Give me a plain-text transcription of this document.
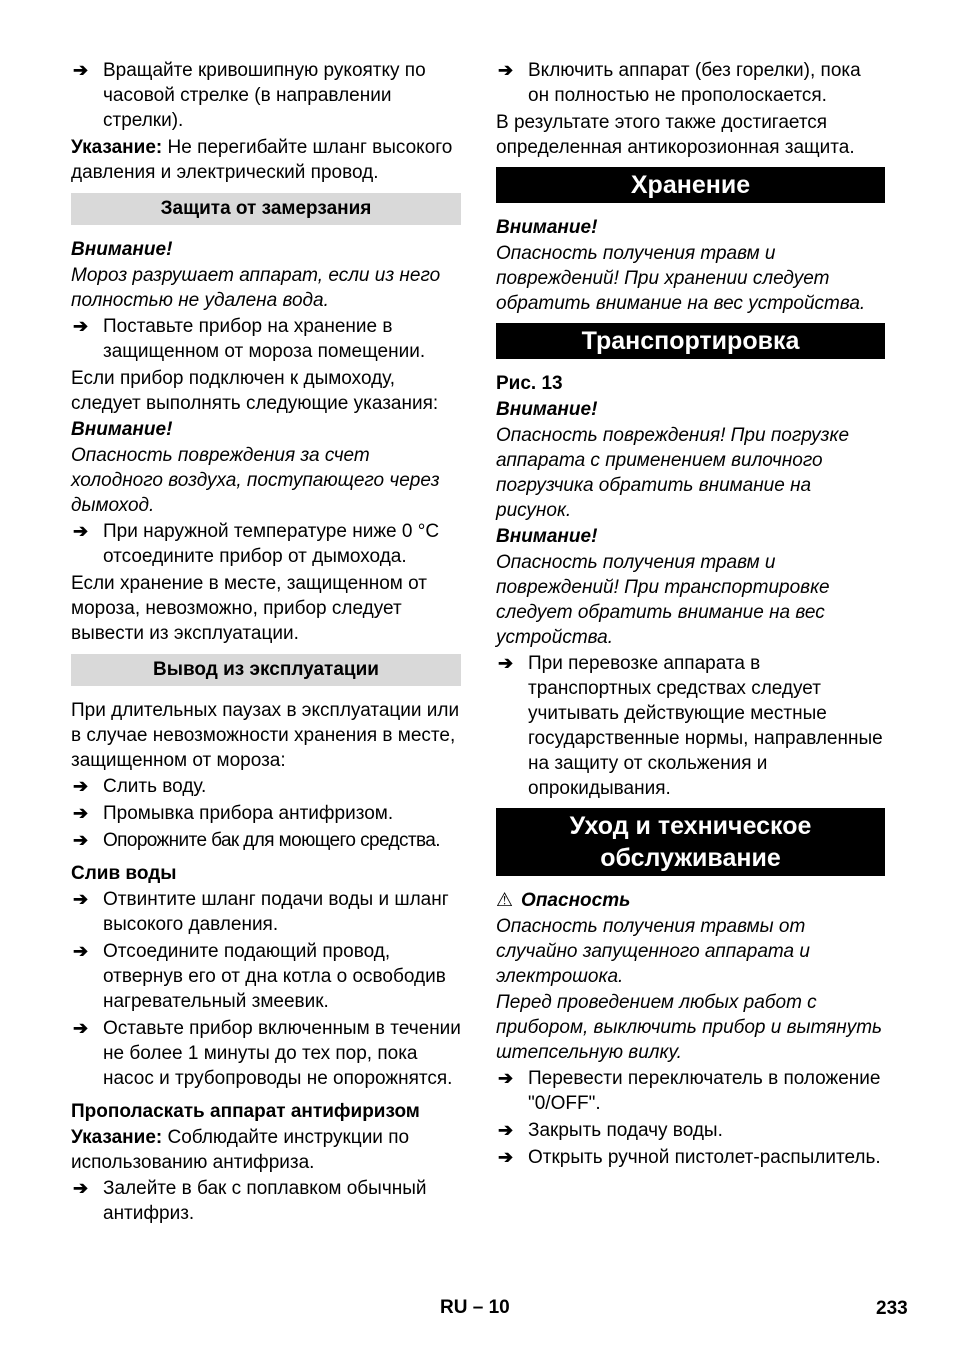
➔ Вращайте кривошипную рукоятку по часовой стрелке (в направлении стрелки).
Указание: Не перегибайте шланг высокого давления и электрический провод.
Защита от замерзания
Внимание!
Мороз разрушает аппарат, если из него полностью не удалена вода.
➔ Поставьте прибор на хранение в защищенном от мороза помещении.
Если прибор подключен к дымоходу, следует выполнять следующие указания:
Внимание!
Опасность повреждения за счет холодного воздуха, поступающего через дымоход.
➔ При наружной температуре ниже 0 °C отсоедините прибор от дымохода.
Если хранение в месте, защищенном от мороза, невозможно, прибор следует вывести из эксплуатации.
Вывод из эксплуатации
При длительных паузах в эксплуатации или в случае невозможности хранения в месте, защищенном от мороза:
➔ Слить воду.
➔ Промывка прибора антифризом.
➔ Опорожните бак для моющего средства.
Слив воды
➔ Отвинтите шланг подачи воды и шланг высокого давления.
➔ Отсоедините подающий провод, отвернув его от дна котла о освободив нагревательный змеевик.
➔ Оставьте прибор включенным в течении не более 1 минуты до тех пор, пока насос и трубопроводы не опорожнятся.
Прополаскать аппарат антифиризом
Указание: Соблюдайте инструкции по использованию антифриза.
➔ Залейте в бак с поплавком обычный антифриз.
➔ Включить аппарат (без горелки), пока он полностью не прополоскается.
В результате этого также достигается определенная антикорозионная защита.
Хранение
Внимание!
Опасность получения травм и повреждений! При хранении следует обратить внимание на вес устройства.
Транспортировка
Рис. 13
Внимание!
Опасность повреждения! При погрузке аппарата с применением вилочного погрузчика обратить внимание на рисунок.
Внимание!
Опасность получения травм и повреждений! При транспортировке следует обратить внимание на вес устройства.
➔ При перевозке аппарата в транспортных средствах следует учитывать действующие местные государственные нормы, направленные на защиту от скольжения и опрокидывания.
Уход и техническое обслуживание
⚠ Опасность
Опасность получения травмы от случайно запущенного аппарата и электрошока.
Перед проведением любых работ с прибором, выключить прибор и вытянуть штепсельную вилку.
➔ Перевести переключатель в положение "0/OFF".
➔ Закрыть подачу воды.
➔ Открыть ручной пистолет-распылитель.
RU – 10	233
